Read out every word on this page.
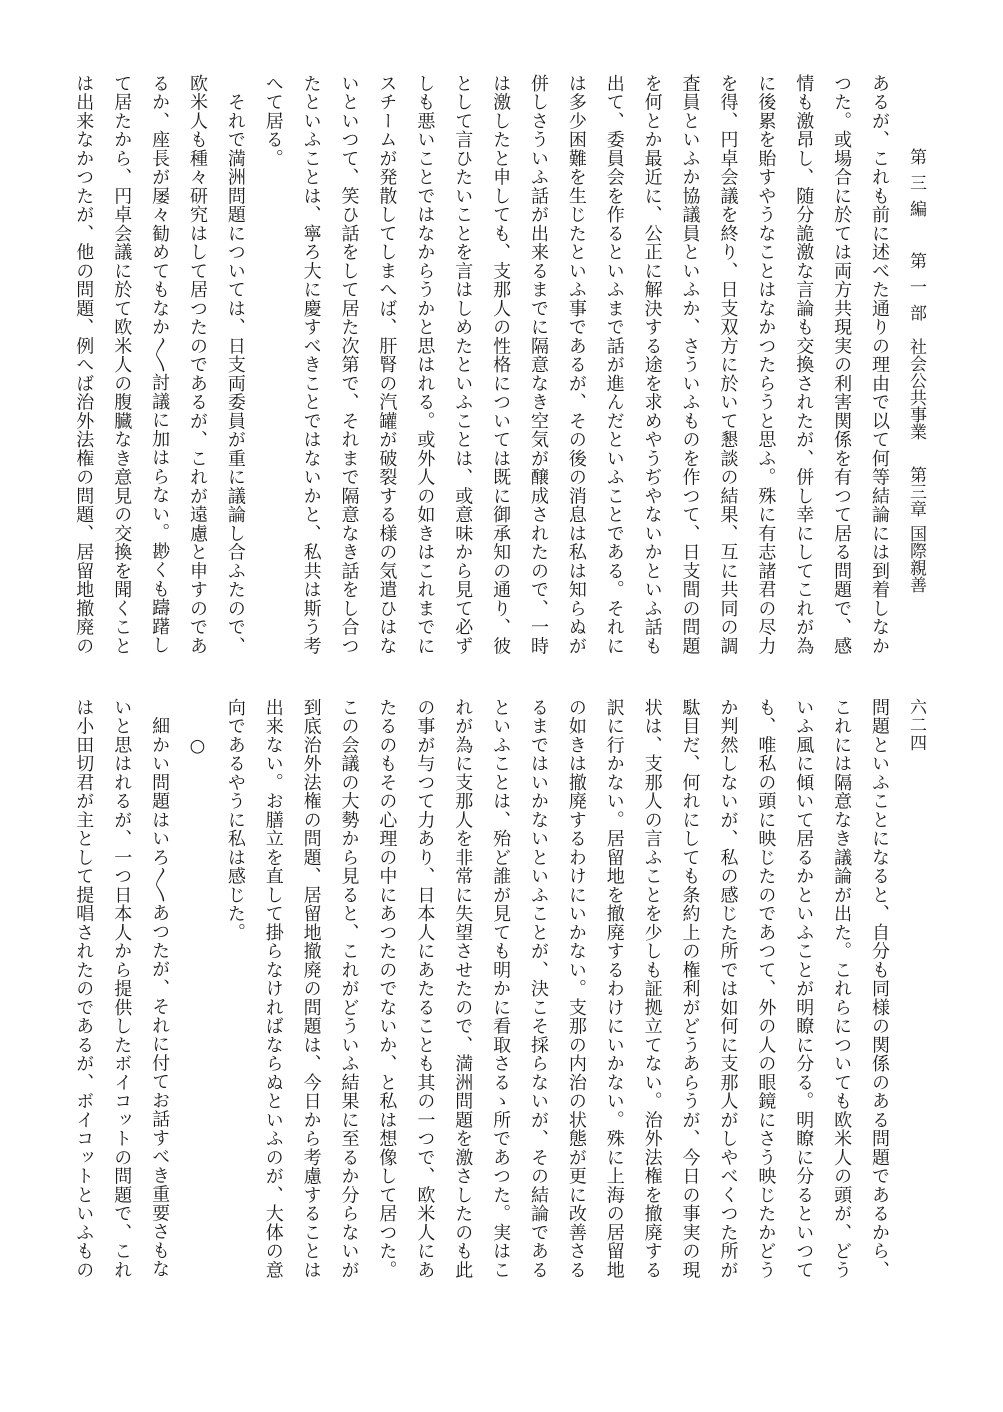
第三編第一部社会公共事業第三章国際親善
六二四
あるが、これも前に述べた通りの理由で以て何等結論には到着しなか
つた。或場合に於ては両方共現実の利害関係を有つて居る問題で、感
情も激昂し、随分詭激な言論も交換されたが、併し幸にしてこれが為
に後累を貽すやうなことはなかつたらうと思ふ。殊に有志諸君の尽力
を得、円卓会議を終り、日支双方に於いて懇談の結果、互に共同の調
査員といふか協議員といふか、さういふものを作つて、日支間の問題
を何とか最近に、公正に解決する途を求めやうぢやないかといふ話も
出て、委員会を作るといふまで話が進んだといふことである。それに
は多少困難を生じたといふ事であるが、その後の消息は私は知らぬが
併しさういふ話が出来るまでに隔意なき空気が醸成されたので、一時
は激したと申しても、支那人の性格については既に御承知の通り、彼
として言ひたいことを言はしめたといふことは、或意味から見て必ず
しも悪いことではなからうかと思はれる。或外人の如きはこれまでに
スチームが発散してしまへば、肝腎の汽罐が破裂する様の気遣ひはな
いといつて、笑ひ話をして居た次第で、それまで隔意なき話をし合つ
たといふことは、寧ろ大に慶すべきことではないかと、私共は斯う考
へて居る。
　それで満洲問題については、日支両委員が重に議論し合ふたので、
欧米人も種々研究はして居つたのであるが、これが遠慮と申すのであ
るか、座長が屡々勧めてもなか〳〵討議に加はらない。尠くも躊躇し
て居たから、円卓会議に於て欧米人の腹臓なき意見の交換を聞くこと
は出来なかつたが、他の問題、例へば治外法権の問題、居留地撤廃の
問題といふことになると、自分も同様の関係のある問題であるから、
これには隔意なき議論が出た。これらについても欧米人の頭が、どう
いふ風に傾いて居るかといふことが明瞭に分る。明瞭に分るといつて
も、唯私の頭に映じたのであつて、外の人の眼鏡にさう映じたかどう
か判然しないが、私の感じた所では如何に支那人がしやべくつた所が
駄目だ、何れにしても条約上の権利がどうあらうが、今日の事実の現
状は、支那人の言ふことを少しも証拠立てない。治外法権を撤廃する
訳に行かない。居留地を撤廃するわけにいかない。殊に上海の居留地
の如きは撤廃するわけにいかない。支那の内治の状態が更に改善さる
るまではいかないといふことが、決こそ採らないが、その結論である
といふことは、殆ど誰が見ても明かに看取さるゝ所であつた。実はこ
れが為に支那人を非常に失望させたので、満洲問題を激さしたのも此
の事が与つて力あり、日本人にあたることも其の一つで、欧米人にあ
たるのもその心理の中にあつたのでないか、と私は想像して居つた。
この会議の大勢から見ると、これがどういふ結果に至るか分らないが
到底治外法権の問題、居留地撤廃の問題は、今日から考慮することは
出来ない。お膳立を直して掛らなければならぬといふのが、大体の意
向であるやうに私は感じた。
　　○
　細かい問題はいろ〳〵あつたが、それに付てお話すべき重要さもな
いと思はれるが、一つ日本人から提供したボイコットの問題で、これ
は小田切君が主として提唱されたのであるが、ボイコットといふもの
